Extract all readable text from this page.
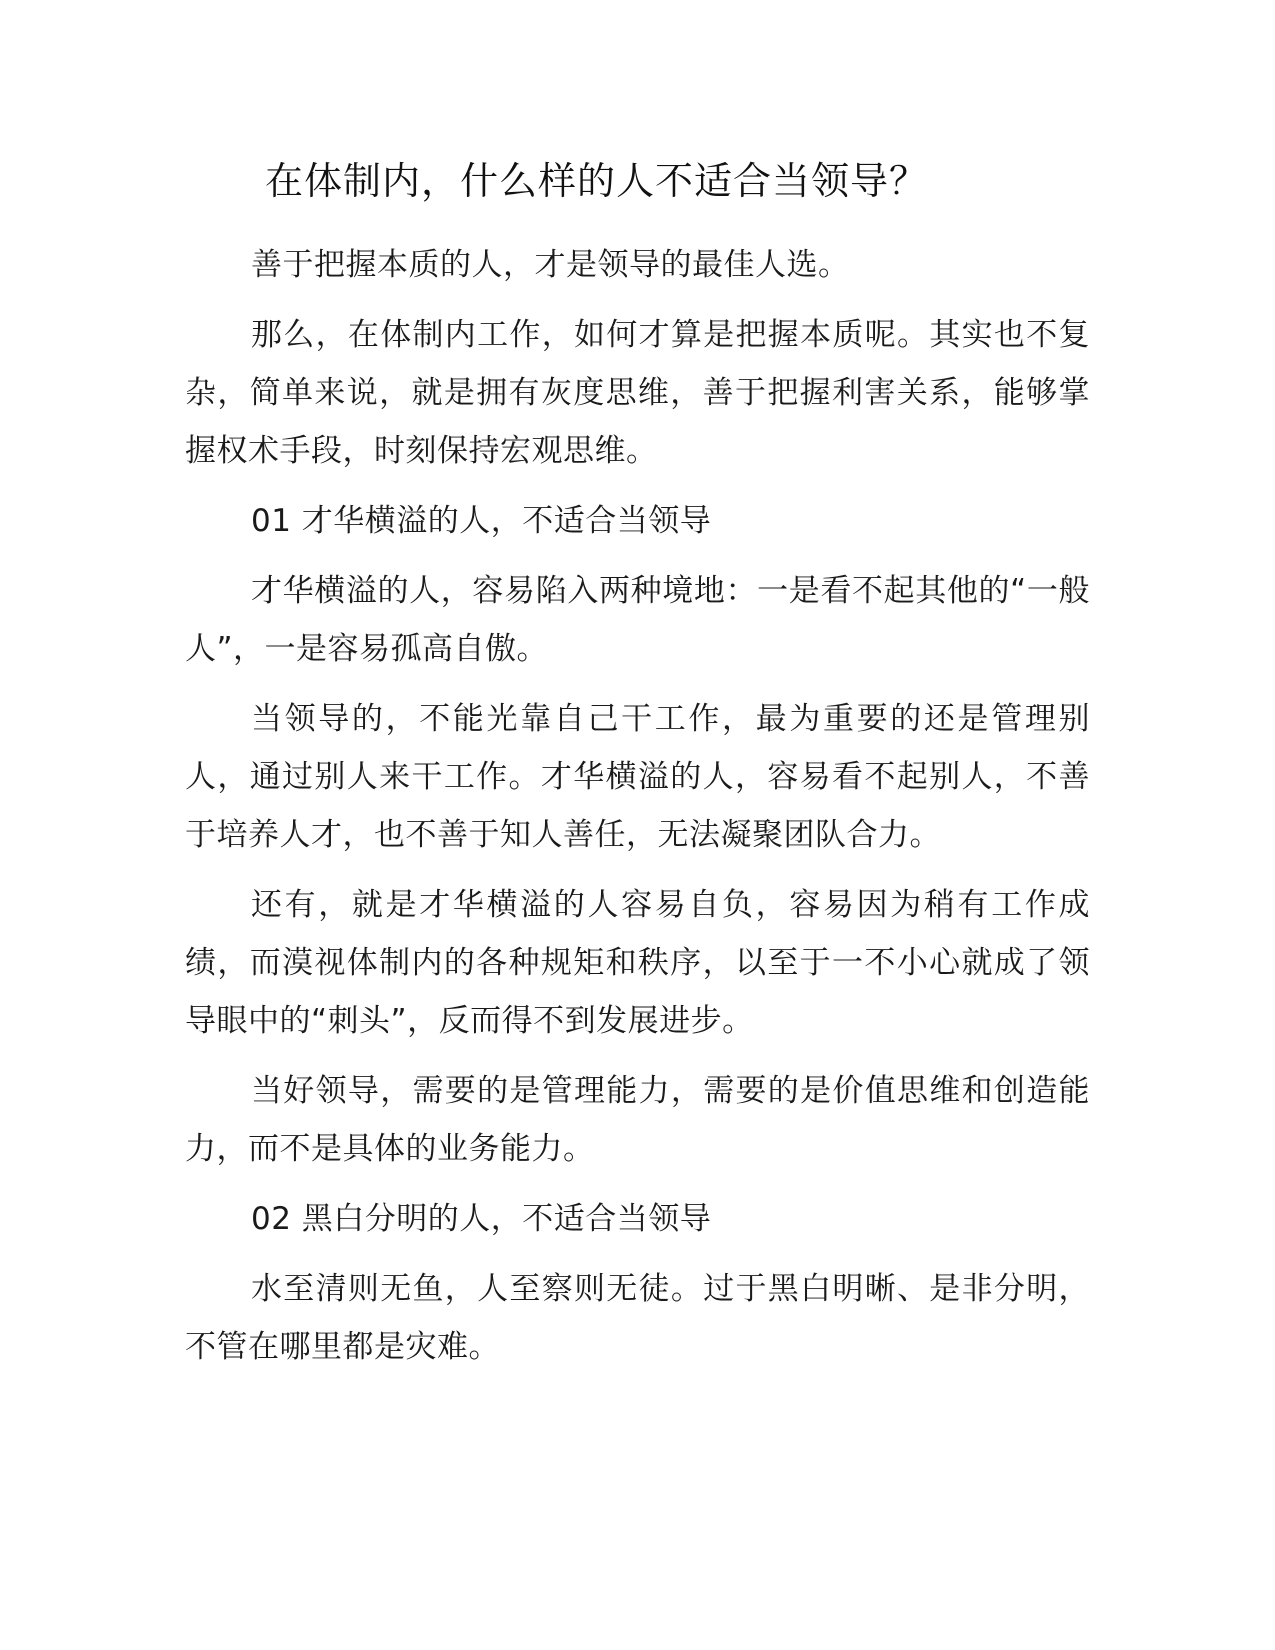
在体制内，什么样的人不适合当领导？

善于把握本质的人，才是领导的最佳人选。

那么，在体制内工作，如何才算是把握本质呢。其实也不复杂，简单来说，就是拥有灰度思维，善于把握利害关系，能够掌握权术手段，时刻保持宏观思维。

01 才华横溢的人，不适合当领导

才华横溢的人，容易陷入两种境地：一是看不起其他的“一般人”，一是容易孤高自傲。

当领导的，不能光靠自己干工作，最为重要的还是管理别人，通过别人来干工作。才华横溢的人，容易看不起别人，不善于培养人才，也不善于知人善任，无法凝聚团队合力。

还有，就是才华横溢的人容易自负，容易因为稍有工作成绩，而漠视体制内的各种规矩和秩序，以至于一不小心就成了领导眼中的“刺头”，反而得不到发展进步。

当好领导，需要的是管理能力，需要的是价值思维和创造能力，而不是具体的业务能力。

02 黑白分明的人，不适合当领导

水至清则无鱼，人至察则无徒。过于黑白明晰、是非分明，不管在哪里都是灾难。
